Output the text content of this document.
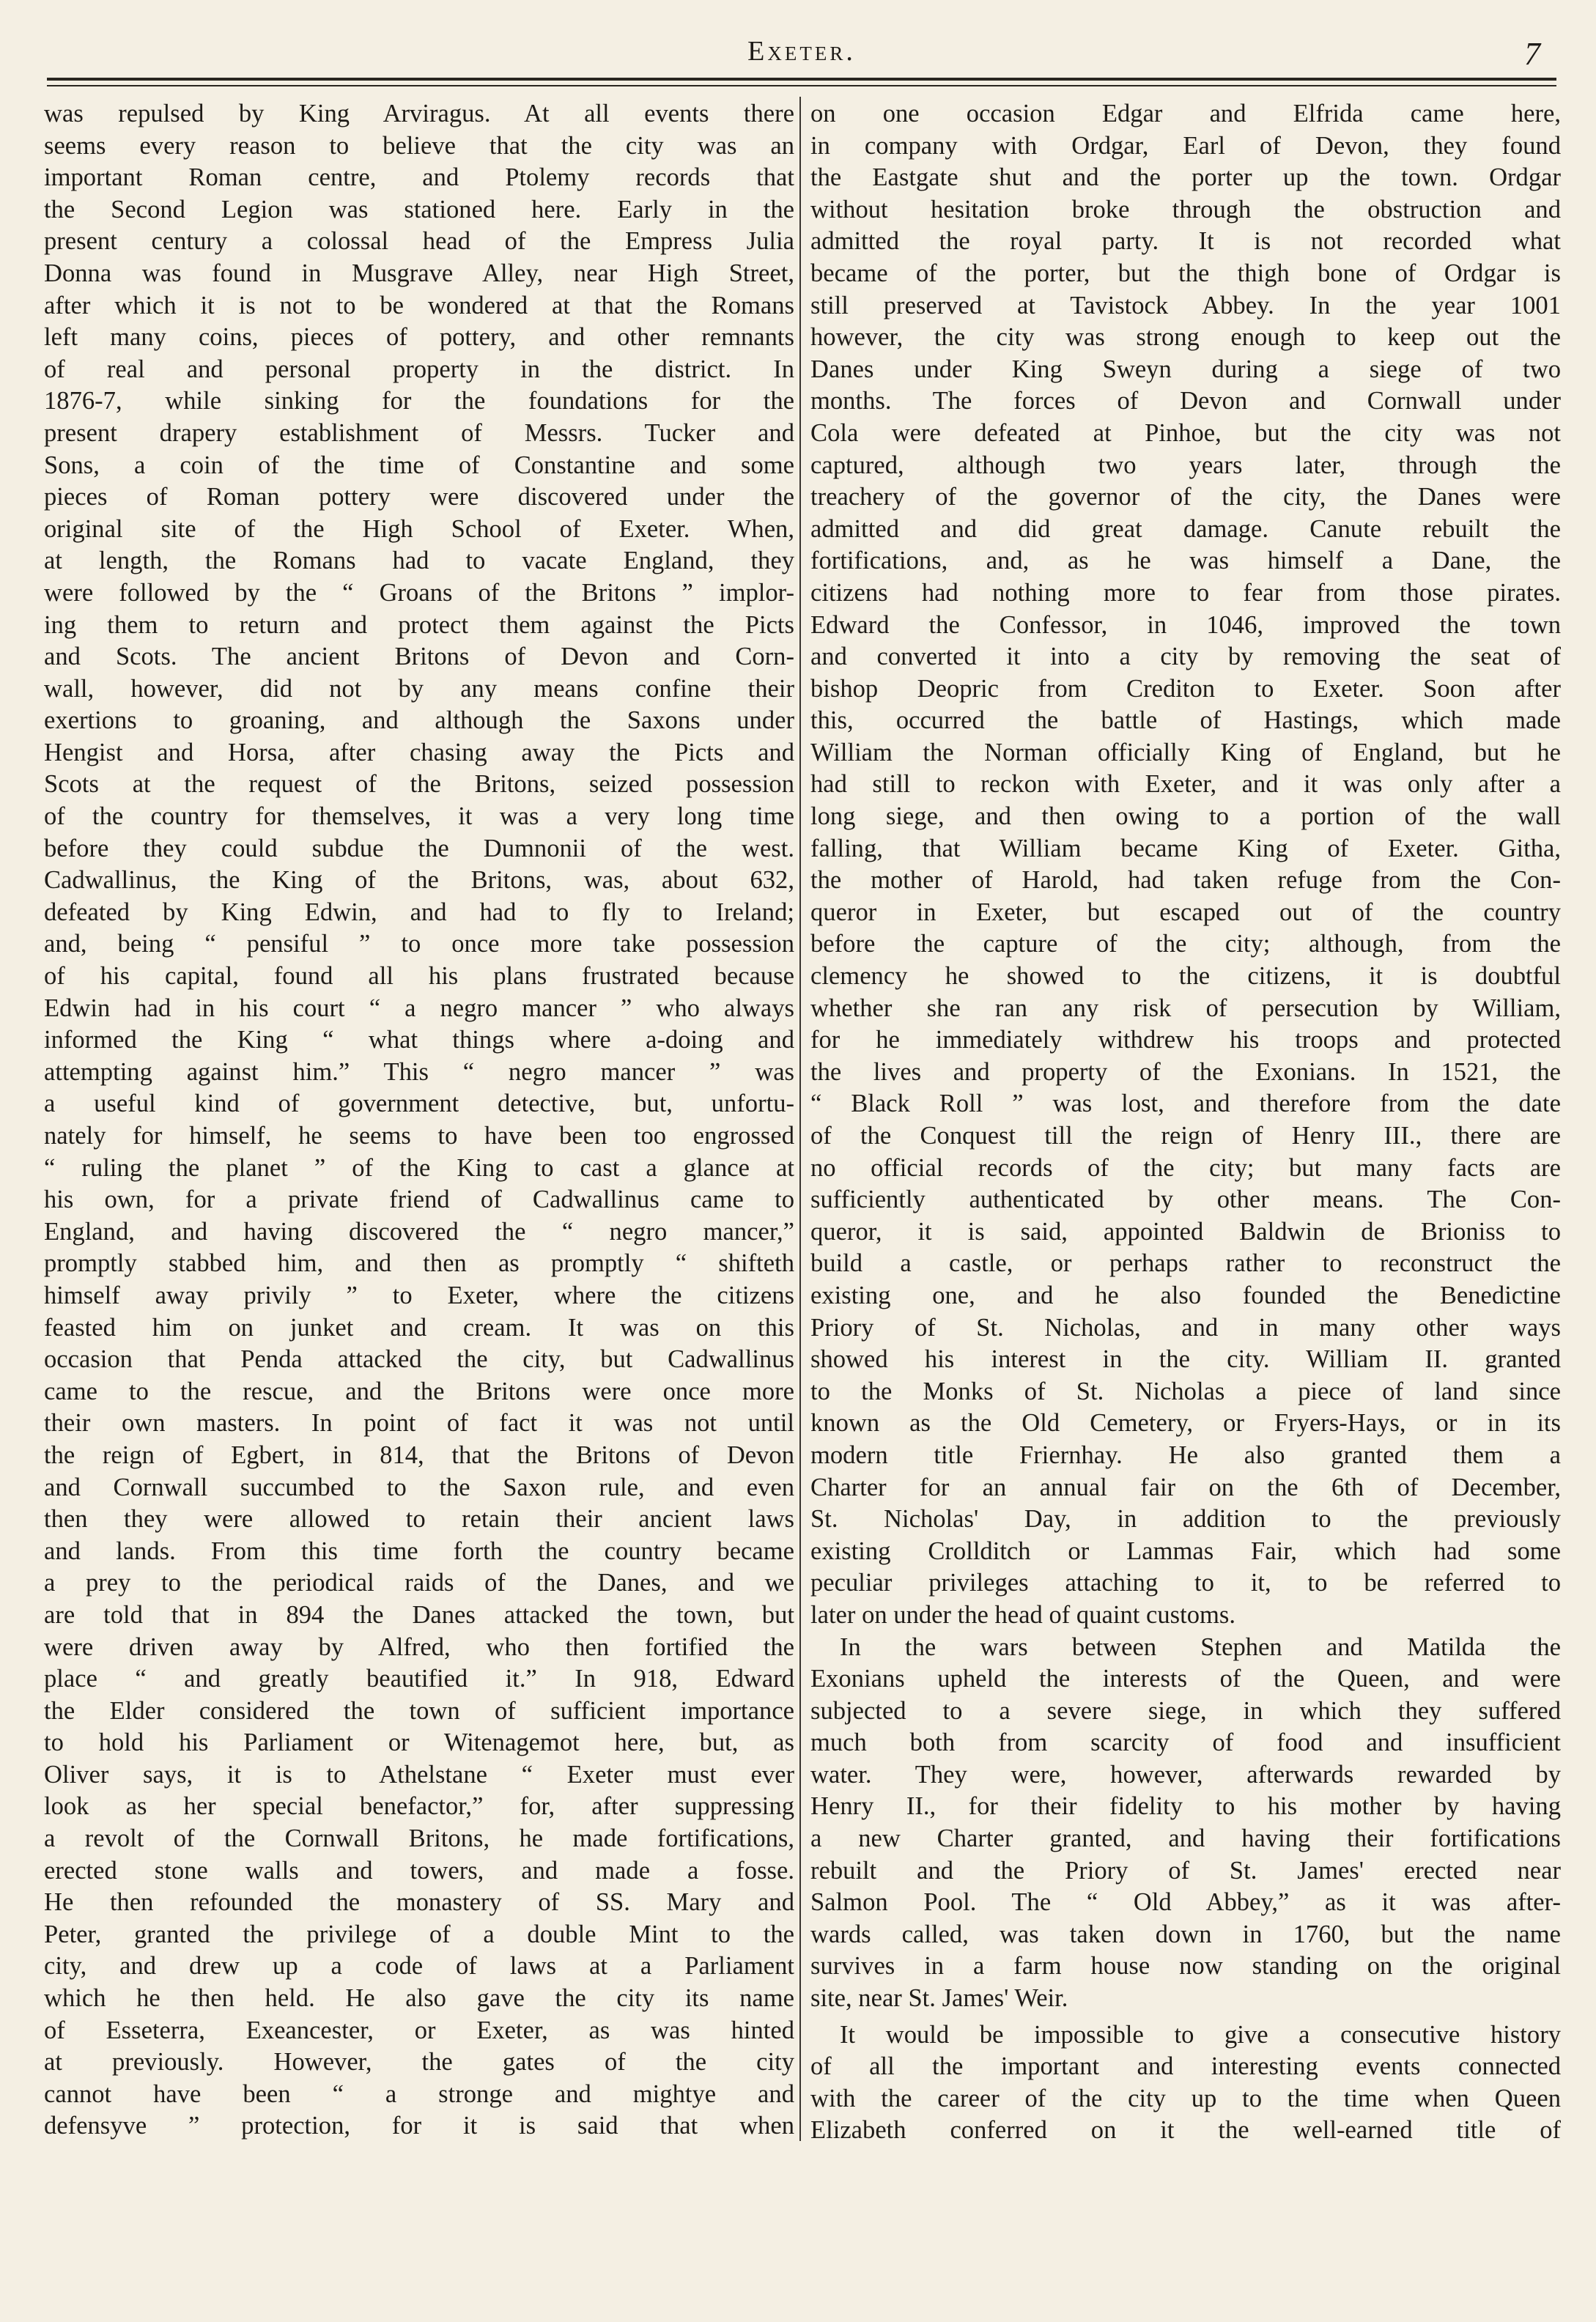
Exeter.	7
was repulsed by King Arviragus. At all events there
seems every reason to believe that the city was an
important Roman centre, and Ptolemy records that
the Second Legion was stationed here. Early in the
present century a colossal head of the Empress Julia
Donna was found in Musgrave Alley, near High Street,
after which it is not to be wondered at that the Romans
left many coins, pieces of pottery, and other remnants
of real and personal property in the district. In
1876-7, while sinking for the foundations for the
present drapery establishment of Messrs. Tucker and
Sons, a coin of the time of Constantine and some
pieces of Roman pottery were discovered under the
original site of the High School of Exeter. When,
at length, the Romans had to vacate England, they
were followed by the “ Groans of the Britons ” implor-
ing them to return and protect them against the Picts
and Scots. The ancient Britons of Devon and Corn-
wall, however, did not by any means confine their
exertions to groaning, and although the Saxons under
Hengist and Horsa, after chasing away the Picts and
Scots at the request of the Britons, seized possession
of the country for themselves, it was a very long time
before they could subdue the Dumnonii of the west.
Cadwallinus, the King of the Britons, was, about 632,
defeated by King Edwin, and had to fly to Ireland;
and, being “ pensiful ” to once more take possession
of his capital, found all his plans frustrated because
Edwin had in his court “ a negro mancer ” who always
informed the King “ what things where a-doing and
attempting against him.” This “ negro mancer ” was
a useful kind of government detective, but, unfortu-
nately for himself, he seems to have been too engrossed
“ ruling the planet ” of the King to cast a glance at
his own, for a private friend of Cadwallinus came to
England, and having discovered the “ negro mancer,”
promptly stabbed him, and then as promptly “ shifteth
himself away privily ” to Exeter, where the citizens
feasted him on junket and cream. It was on this
occasion that Penda attacked the city, but Cadwallinus
came to the rescue, and the Britons were once more
their own masters. In point of fact it was not until
the reign of Egbert, in 814, that the Britons of Devon
and Cornwall succumbed to the Saxon rule, and even
then they were allowed to retain their ancient laws
and lands. From this time forth the country became
a prey to the periodical raids of the Danes, and we
are told that in 894 the Danes attacked the town, but
were driven away by Alfred, who then fortified the
place “ and greatly beautified it.” In 918, Edward
the Elder considered the town of sufficient importance
to hold his Parliament or Witenagemot here, but, as
Oliver says, it is to Athelstane “ Exeter must ever
look as her special benefactor,” for, after suppressing
a revolt of the Cornwall Britons, he made fortifications,
erected stone walls and towers, and made a fosse.
He then refounded the monastery of SS. Mary and
Peter, granted the privilege of a double Mint to the
city, and drew up a code of laws at a Parliament
which he then held. He also gave the city its name
of Esseterra, Exeancester, or Exeter, as was hinted
at previously. However, the gates of the city
cannot have been “ a stronge and mightye and
defensyve ” protection, for it is said that when
on one occasion Edgar and Elfrida came here,
in company with Ordgar, Earl of Devon, they found
the Eastgate shut and the porter up the town. Ordgar
without hesitation broke through the obstruction and
admitted the royal party. It is not recorded what
became of the porter, but the thigh bone of Ordgar is
still preserved at Tavistock Abbey. In the year 1001
however, the city was strong enough to keep out the
Danes under King Sweyn during a siege of two
months. The forces of Devon and Cornwall under
Cola were defeated at Pinhoe, but the city was not
captured, although two years later, through the
treachery of the governor of the city, the Danes were
admitted and did great damage. Canute rebuilt the
fortifications, and, as he was himself a Dane, the
citizens had nothing more to fear from those pirates.
Edward the Confessor, in 1046, improved the town
and converted it into a city by removing the seat of
bishop Deopric from Crediton to Exeter. Soon after
this, occurred the battle of Hastings, which made
William the Norman officially King of England, but he
had still to reckon with Exeter, and it was only after a
long siege, and then owing to a portion of the wall
falling, that William became King of Exeter. Githa,
the mother of Harold, had taken refuge from the Con-
queror in Exeter, but escaped out of the country
before the capture of the city; although, from the
clemency he showed to the citizens, it is doubtful
whether she ran any risk of persecution by William,
for he immediately withdrew his troops and protected
the lives and property of the Exonians. In 1521, the
“ Black Roll ” was lost, and therefore from the date
of the Conquest till the reign of Henry III., there are
no official records of the city; but many facts are
sufficiently authenticated by other means. The Con-
queror, it is said, appointed Baldwin de Brioniss to
build a castle, or perhaps rather to reconstruct the
existing one, and he also founded the Benedictine
Priory of St. Nicholas, and in many other ways
showed his interest in the city. William II. granted
to the Monks of St. Nicholas a piece of land since
known as the Old Cemetery, or Fryers-Hays, or in its
modern title Friernhay. He also granted them a
Charter for an annual fair on the 6th of December,
St. Nicholas' Day, in addition to the previously
existing Crollditch or Lammas Fair, which had some
peculiar privileges attaching to it, to be referred to
later on under the head of quaint customs.
In the wars between Stephen and Matilda the
Exonians upheld the interests of the Queen, and were
subjected to a severe siege, in which they suffered
much both from scarcity of food and insufficient
water. They were, however, afterwards rewarded by
Henry II., for their fidelity to his mother by having
a new Charter granted, and having their fortifications
rebuilt and the Priory of St. James' erected near
Salmon Pool. The “ Old Abbey,” as it was after-
wards called, was taken down in 1760, but the name
survives in a farm house now standing on the original
site, near St. James' Weir.
It would be impossible to give a consecutive history
of all the important and interesting events connected
with the career of the city up to the time when Queen
Elizabeth conferred on it the well-earned title of
